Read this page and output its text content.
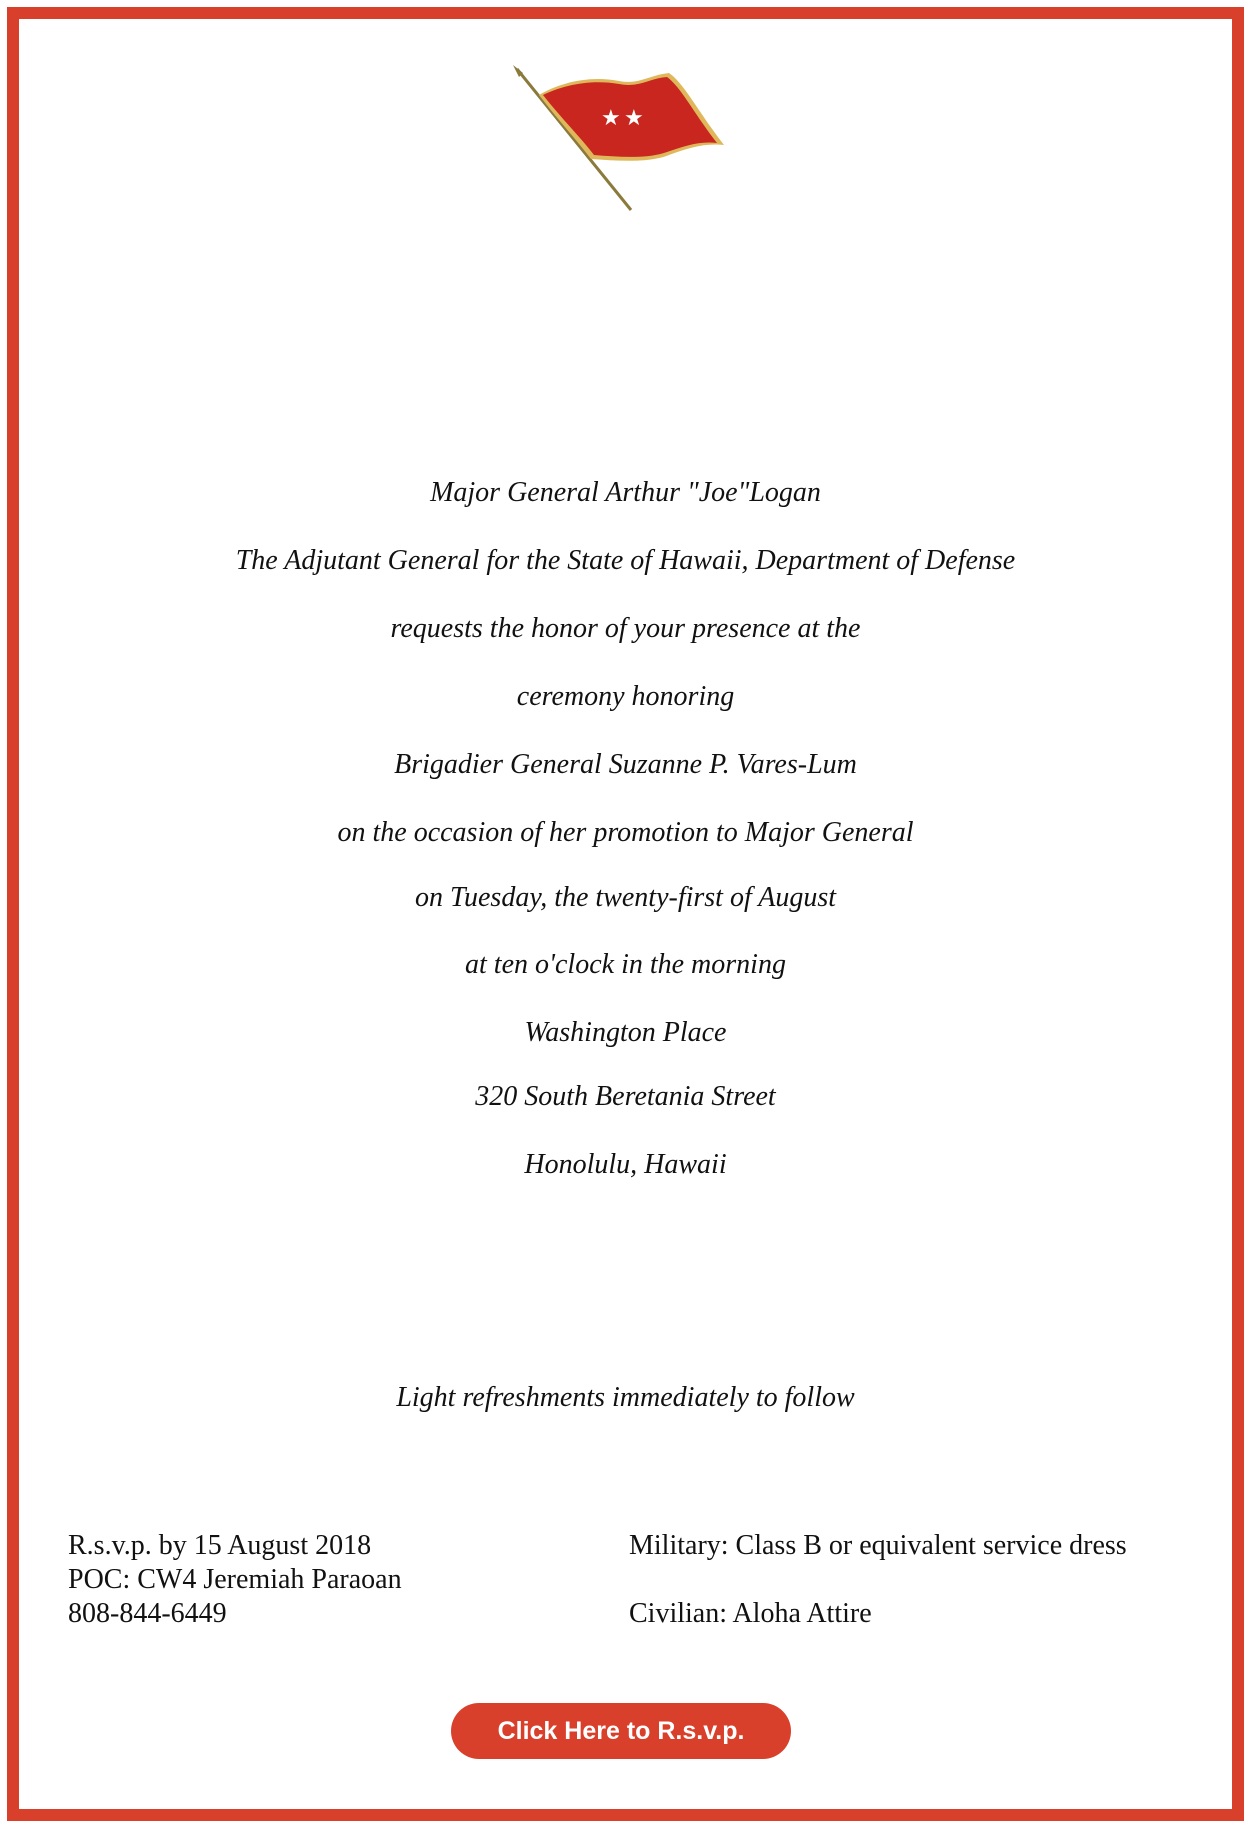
★ ★
Major General Arthur "Joe"Logan
The Adjutant General for the State of Hawaii, Department of Defense
requests the honor of your presence at the
ceremony honoring
Brigadier General Suzanne P. Vares-Lum
on the occasion of her promotion to Major General
on Tuesday, the twenty-first of August
at ten o'clock in the morning
Washington Place
320 South Beretania Street
Honolulu, Hawaii
Light refreshments immediately to follow
R.s.v.p. by 15 August 2018
POC: CW4 Jeremiah Paraoan
808-844-6449
Military: Class B or equivalent service dress
Civilian: Aloha Attire
Click Here to R.s.v.p.
